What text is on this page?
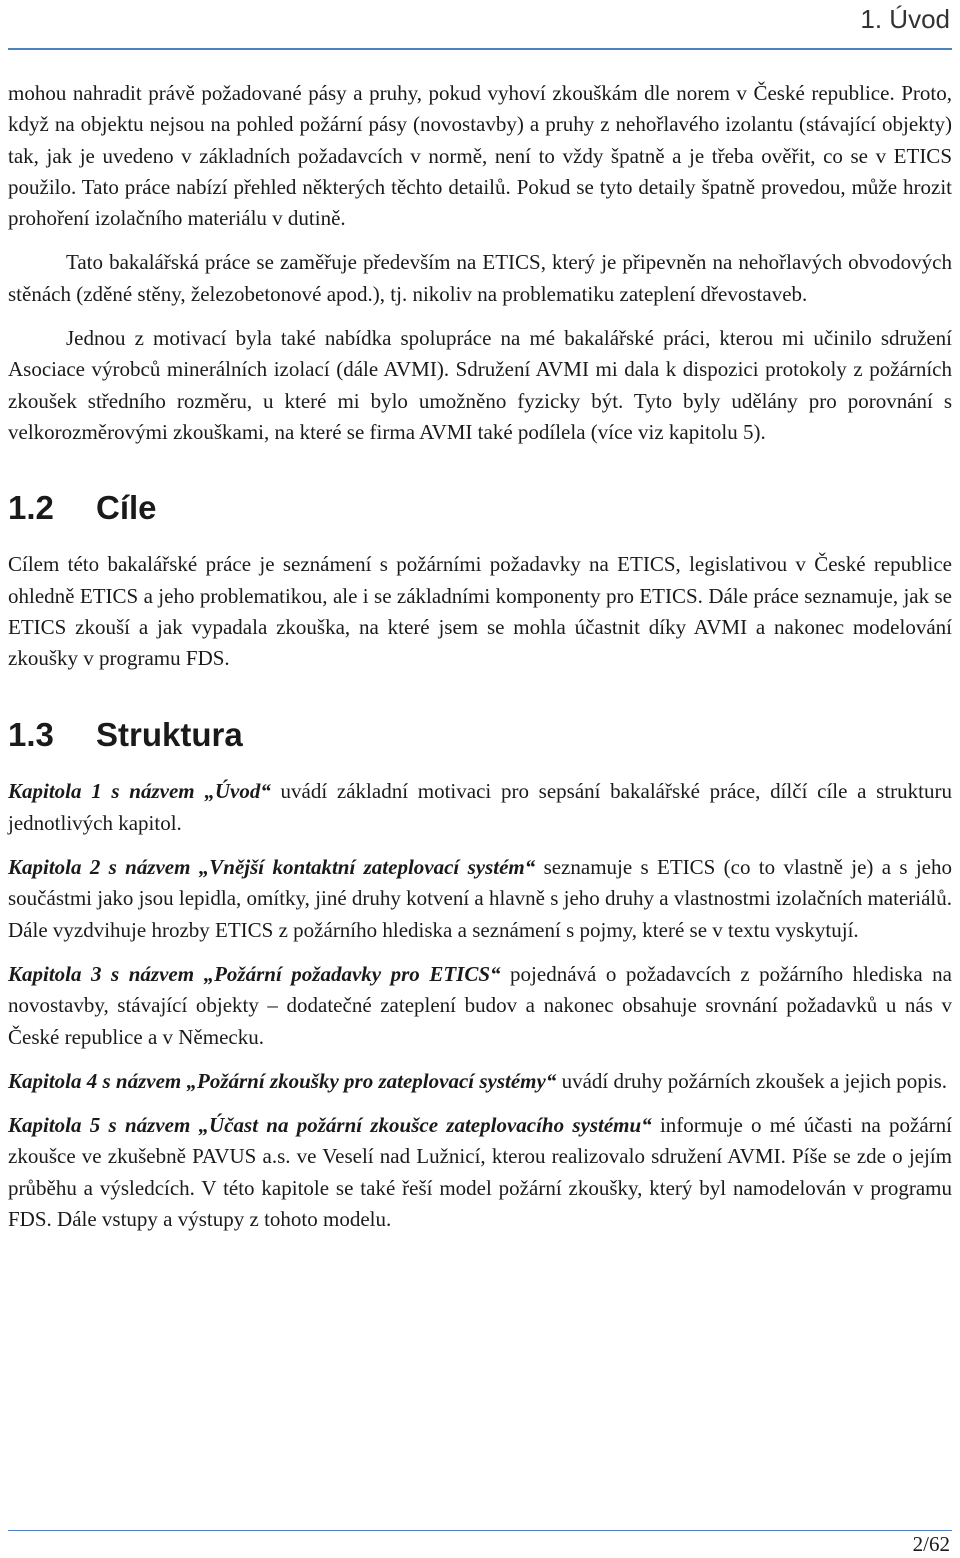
1. Úvod

mohou nahradit právě požadované pásy a pruhy, pokud vyhoví zkouškám dle norem v České republice. Proto, když na objektu nejsou na pohled požární pásy (novostavby) a pruhy z nehořlavého izolantu (stávající objekty) tak, jak je uvedeno v základních požadavcích v normě, není to vždy špatně a je třeba ověřit, co se v ETICS použilo. Tato práce nabízí přehled některých těchto detailů. Pokud se tyto detaily špatně provedou, může hrozit prohoření izolačního materiálu v dutině.

Tato bakalářská práce se zaměřuje především na ETICS, který je připevněn na nehořlavých obvodových stěnách (zděné stěny, železobetonové apod.), tj. nikoliv na problematiku zateplení dřevostaveb.

Jednou z motivací byla také nabídka spolupráce na mé bakalářské práci, kterou mi učinilo sdružení Asociace výrobců minerálních izolací (dále AVMI). Sdružení AVMI mi dala k dispozici protokoly z požárních zkoušek středního rozměru, u které mi bylo umožněno fyzicky být. Tyto byly udělány pro porovnání s velkorozměrovými zkouškami, na které se firma AVMI také podílela (více viz kapitolu 5).

1.2 Cíle

Cílem této bakalářské práce je seznámení s požárními požadavky na ETICS, legislativou v České republice ohledně ETICS a jeho problematikou, ale i se základními komponenty pro ETICS. Dále práce seznamuje, jak se ETICS zkouší a jak vypadala zkouška, na které jsem se mohla účastnit díky AVMI a nakonec modelování zkoušky v programu FDS.

1.3 Struktura

Kapitola 1 s názvem „Úvod“ uvádí základní motivaci pro sepsání bakalářské práce, dílčí cíle a strukturu jednotlivých kapitol.

Kapitola 2 s názvem „Vnější kontaktní zateplovací systém“ seznamuje s ETICS (co to vlastně je) a s jeho součástmi jako jsou lepidla, omítky, jiné druhy kotvení a hlavně s jeho druhy a vlastnostmi izolačních materiálů. Dále vyzdvihuje hrozby ETICS z požárního hlediska a seznámení s pojmy, které se v textu vyskytují.

Kapitola 3 s názvem „Požární požadavky pro ETICS“ pojednává o požadavcích z požárního hlediska na novostavby, stávající objekty – dodatečné zateplení budov a nakonec obsahuje srovnání požadavků u nás v České republice a v Německu.

Kapitola 4 s názvem „Požární zkoušky pro zateplovací systémy“ uvádí druhy požárních zkoušek a jejich popis.

Kapitola 5 s názvem „Účast na požární zkoušce zateplovacího systému“ informuje o mé účasti na požární zkoušce ve zkušebně PAVUS a.s. ve Veselí nad Lužnicí, kterou realizovalo sdružení AVMI. Píše se zde o jejím průběhu a výsledcích. V této kapitole se také řeší model požární zkoušky, který byl namodelován v programu FDS. Dále vstupy a výstupy z tohoto modelu.

2/62
